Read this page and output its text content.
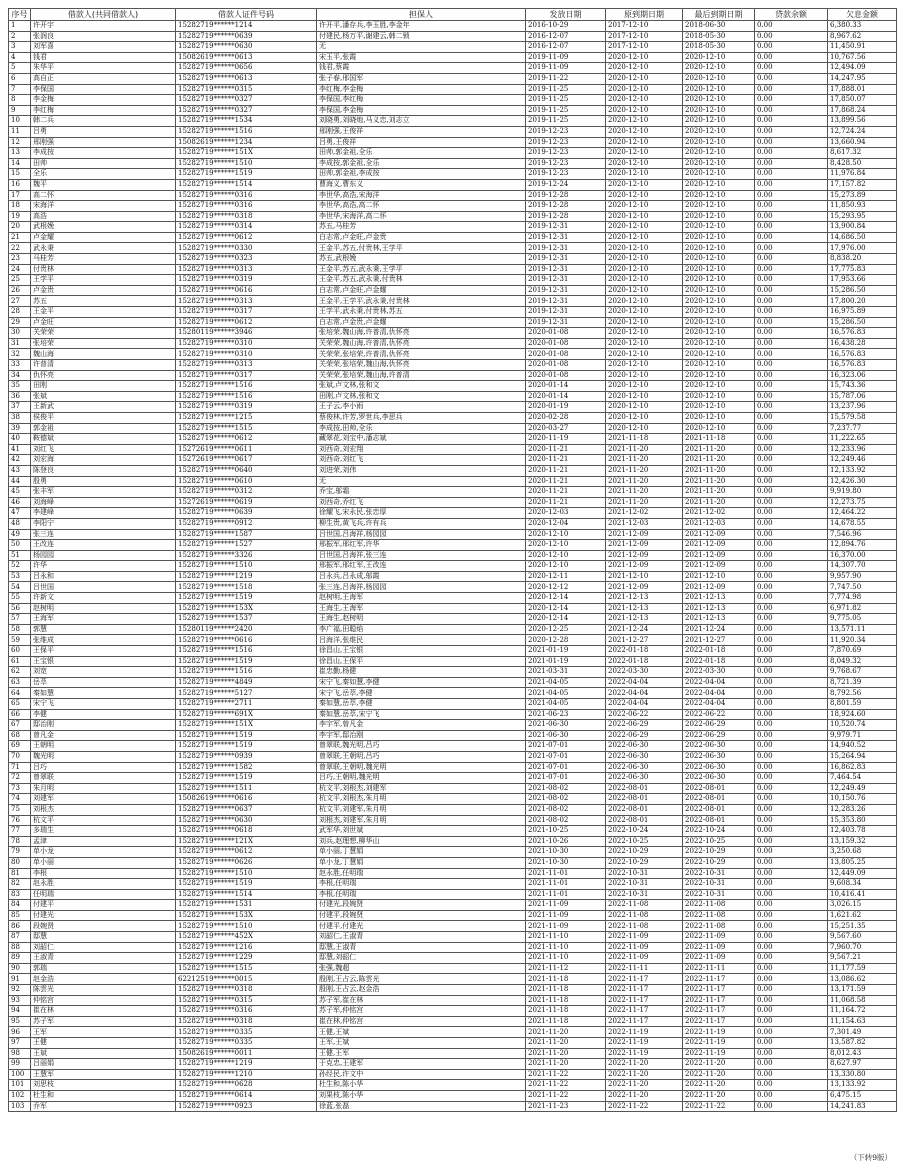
序号	借款人(共同借款人)	借款人证件号码	担保人	发放日期	原到期日期	最后到期日期	贷款余额	欠息金额
1	许开宇	15282719******1214	许开平,潘存兵,李玉胜,李金年	2016-10-29	2017-12-10	2018-06-30	0.00	6,380.33
2	张润良	15282719******0639	付建民,杨万平,谢建云,韩二锁	2016-12-07	2017-12-10	2018-05-30	0.00	8,967.62
3	刘军喜	15282719******0630	无	2016-12-07	2017-12-10	2018-05-30	0.00	11,450.91
4	钱君	15082619******0613	宋玉平,张霞	2019-11-09	2020-12-10	2020-12-10	0.00	10,767.56
5	朱华平	15282719******0656	钱君,蔡霞	2019-11-09	2020-12-10	2020-12-10	0.00	12,494.09
6	高自正	15282719******0613	张子春,邢国军	2019-11-22	2020-12-10	2020-12-10	0.00	14,247.95
7	李保国	15282719******0315	李红梅,李金梅	2019-11-25	2020-12-10	2020-12-10	0.00	17,888.01
8	李金梅	15282719******0327	李保国,李红梅	2019-11-25	2020-12-10	2020-12-10	0.00	17,850.07
9	李红梅	15282719******0327	李保国,李金梅	2019-11-25	2020-12-10	2020-12-10	0.00	17,868.24
10	韩二兵	15282719******1534	刘晓勇,刘晓炮,马义忠,刘志立	2019-11-25	2020-12-10	2020-12-10	0.00	13,899.56
11	吕勇	15282719******1516	邢刚强,王俊祥	2019-12-23	2020-12-10	2020-12-10	0.00	12,724.24
12	邢刚强	15082619******1234	吕勇,王俊祥	2019-12-23	2020-12-10	2020-12-10	0.00	13,660.94
13	李成按	15282719******151X	田帅,郭金祖,全乐	2019-12-23	2020-12-10	2020-12-10	0.00	8,617.32
14	田帅	15282719******1510	李成按,郭金祖,全乐	2019-12-23	2020-12-10	2020-12-10	0.00	8,428.50
15	全乐	15282719******1519	田帅,郭金祖,李成按	2019-12-23	2020-12-10	2020-12-10	0.00	11,976.84
16	魏平	15282719******1514	曹海义,曹东义	2019-12-24	2020-12-10	2020-12-10	0.00	17,157.82
17	高二怀	15282719******0316	李世华,高浩,宋海洋	2019-12-28	2020-12-10	2020-12-10	0.00	15,273.89
18	宋海洋	15282719******0316	李世华,高浩,高二怀	2019-12-28	2020-12-10	2020-12-10	0.00	11,850.93
19	高浩	15282719******0318	李世华,宋海洋,高二怀	2019-12-28	2020-12-10	2020-12-10	0.00	15,293.95
20	武根娩	15282719******0314	苏五,马桂芳	2019-12-31	2020-12-10	2020-12-10	0.00	13,900.84
21	卢金耀	15282719******0612	白志常,卢金旺,卢金贵	2019-12-31	2020-12-10	2020-12-10	0.00	14,686.50
22	武永秉	15282719******0330	王金平,苏五,付贵林,王学平	2019-12-31	2020-12-10	2020-12-10	0.00	17,976.00
23	马桂芳	15282719******0323	苏五,武根娩	2019-12-31	2020-12-10	2020-12-10	0.00	8,838.20
24	付贵林	15282719******0313	王金平,苏五,武永秉,王学平	2019-12-31	2020-12-10	2020-12-10	0.00	17,775.83
25	王学平	15282719******0319	王金平,苏五,武永秉,付贵林	2019-12-31	2020-12-10	2020-12-10	0.00	17,953.66
26	卢金贵	15282719******0616	白志常,卢金旺,卢金耀	2019-12-31	2020-12-10	2020-12-10	0.00	15,286.50
27	苏五	15282719******0313	王金平,王学平,武永秉,付贵林	2019-12-31	2020-12-10	2020-12-10	0.00	17,800.20
28	王金平	15282719******0317	王学平,武永秉,付贵林,苏五	2019-12-31	2020-12-10	2020-12-10	0.00	16,975.89
29	卢金旺	15282719******0612	白志常,卢金贵,卢金耀	2019-12-31	2020-12-10	2020-12-10	0.00	15,286.50
30	关荣荣	15280119******3946	张培荣,魏山海,许普清,仇怀亮	2020-01-08	2020-12-10	2020-12-10	0.00	16,576.83
31	张培荣	15282719******0310	关荣荣,魏山海,许普清,仇怀亮	2020-01-08	2020-12-10	2020-12-10	0.00	16,438.28
32	魏山海	15282719******0310	关荣荣,张培荣,许普清,仇怀亮	2020-01-08	2020-12-10	2020-12-10	0.00	16,576.83
33	许普清	15282719******0313	关荣荣,张培荣,魏山海,仇怀亮	2020-01-08	2020-12-10	2020-12-10	0.00	16,576.83
34	仇怀亮	15282719******0317	关荣荣,张培荣,魏山海,许普清	2020-01-08	2020-12-10	2020-12-10	0.00	16,323.06
35	田刚	15282719******1516	张斌,卢文林,张和文	2020-01-14	2020-12-10	2020-12-10	0.00	15,743.36
36	张斌	15282719******1516	田刚,卢文林,张和文	2020-01-14	2020-12-10	2020-12-10	0.00	15,787.06
37	王新武	15282719******0319	王子云,李小雨	2020-01-19	2020-12-10	2020-12-10	0.00	13,237.96
38	侯俊平	15282719******1215	蔡俊林,许芳,罗世兵,李思兵	2020-02-28	2020-12-10	2020-12-10	0.00	15,579.58
39	郭金祖	15282719******1515	李成按,田帅,全乐	2020-03-27	2020-12-10	2020-12-10	0.00	7,237.77
40	鞍德斌	15282719******0612	藏翠花,刘宝中,潘志斌	2020-11-19	2021-11-18	2021-11-18	0.00	11,222.65
41	刘红飞	15272619******0611	刘西奇,刘宏翔	2020-11-21	2021-11-20	2021-11-20	0.00	12,233.96
42	刘宏海	15272619******0617	刘西奇,刘红飞	2020-11-21	2021-11-20	2021-11-20	0.00	12,249.46
43	陈登良	15282719******0640	刘进荣,刘伟	2020-11-21	2021-11-20	2021-11-20	0.00	12,133.92
44	殷勇	15282719******0610	无	2020-11-21	2021-11-20	2021-11-20	0.00	12,426.30
45	张丰军	15282719******0312	乔宝,邬霜	2020-11-21	2021-11-20	2021-11-20	0.00	9,919.80
46	刘海峰	15272619******0619	刘西奇,乔红飞	2020-11-21	2021-11-20	2021-11-20	0.00	12,273.75
47	李建峰	15282719******0639	徐耀飞,宋永民,张忠厚	2020-12-03	2021-12-02	2021-12-02	0.00	12,464.22
48	李阳宁	15282719******0912	柳生贵,黄飞兵,许有兵	2020-12-04	2021-12-03	2021-12-03	0.00	14,678.55
49	张三连	15282719******1587	吕世国,吕海祥,杨园园	2020-12-10	2021-12-09	2021-12-09	0.00	7,546.96
50	王改连	15282719******1527	邢振军,邢红军,许华	2020-12-10	2021-12-09	2021-12-09	0.00	12,894.76
51	杨园园	15282719******3326	吕世国,吕海祥,张三连	2020-12-10	2021-12-09	2021-12-09	0.00	16,370.00
52	许华	15282719******1510	邢振军,邢红军,王改连	2020-12-10	2021-12-09	2021-12-09	0.00	14,307.70
53	吕永和	15282719******1219	吕永兵,吕永成,邬霞	2020-12-11	2021-12-10	2021-12-10	0.00	9,957.90
54	吕世国	15282719******1518	张三连,吕海祥,杨园园	2020-12-12	2021-12-09	2021-12-09	0.00	7,747.50
55	许新文	15282719******1519	赵树明,王海军	2020-12-14	2021-12-13	2021-12-13	0.00	7,774.98
56	赵树明	15282719******153X	王海生,王海军	2020-12-14	2021-12-13	2021-12-13	0.00	6,971.82
57	王海军	15282719******1537	王海生,赵树明	2020-12-14	2021-12-13	2021-12-13	0.00	9,775.05
58	郭慧	15280119******2420	李广福,田聪焰	2020-12-25	2021-12-24	2021-12-24	0.00	13,571.11
59	张维成	15282719******0616	吕海洋,张维民	2020-12-28	2021-12-27	2021-12-27	0.00	11,920.34
60	王保平	15282719******1516	徐昌山,王宝银	2021-01-19	2022-01-18	2022-01-18	0.00	7,870.69
61	王宝银	15282719******1519	徐昌山,王保平	2021-01-19	2022-01-18	2022-01-18	0.00	8,049.32
62	刘宽	15282719******1516	崔忠勤,杨健	2021-03-31	2022-03-30	2022-03-30	0.00	9,768.67
63	岳萃	15282719******4849	宋宁飞,秦如慧,李健	2021-04-05	2022-04-04	2022-04-04	0.00	8,721.39
64	秦如慧	15282719******5127	宋宁飞,岳萃,李健	2021-04-05	2022-04-04	2022-04-04	0.00	8,792.56
65	宋宁飞	15282719******2711	秦如慧,岳萃,李健	2021-04-05	2022-04-04	2022-04-04	0.00	8,801.59
66	李健	15282719******691X	秦如慧,岳萃,宋宁飞	2021-06-23	2022-06-22	2022-06-22	0.00	18,924.60
67	邸治刚	15282719******151X	李宇军,曾凡金	2021-06-30	2022-06-29	2022-06-29	0.00	10,520.74
68	曾凡金	15282719******1519	李宇军,邸治刚	2021-06-30	2022-06-29	2022-06-29	0.00	9,979.71
69	王朝明	15282719******1519	曾翠联,魏光明,吕巧	2021-07-01	2022-06-30	2022-06-30	0.00	14,940.52
70	魏光明	15282719******0939	曾翠联,王朝明,吕巧	2021-07-01	2022-06-30	2022-06-30	0.00	15,264.94
71	吕巧	15282719******1582	曾翠联,王朝明,魏光明	2021-07-01	2022-06-30	2022-06-30	0.00	16,862.83
72	曾翠联	15282719******1519	吕巧,王朝明,魏光明	2021-07-01	2022-06-30	2022-06-30	0.00	7,464.54
73	朱月明	15282719******1511	杭文平,刘根杰,刘建军	2021-08-02	2022-08-01	2022-08-01	0.00	12,249.49
74	刘建军	15082619******0616	杭文平,刘根杰,朱月明	2021-08-02	2022-08-01	2022-08-01	0.00	10,150.76
75	刘根杰	15282719******0637	杭文平,刘建军,朱月明	2021-08-02	2022-08-01	2022-08-01	0.00	12,283.26
76	杭文平	15282719******0630	刘根杰,刘建军,朱月明	2021-08-02	2022-08-01	2022-08-01	0.00	15,353.80
77	多瑞生	15282719******0618	武军华,刘世斌	2021-10-25	2022-10-24	2022-10-24	0.00	12,403.78
78	孟津	15282719******121X	刘兵,赵理想,柳华山	2021-10-26	2022-10-25	2022-10-25	0.00	13,159.32
79	单小龙	15282719******0612	单小丽,丁慧娟	2021-10-30	2022-10-29	2022-10-29	0.00	3,250.68
80	单小丽	15282719******0626	单小龙,丁慧娟	2021-10-30	2022-10-29	2022-10-29	0.00	13,805.25
81	李根	15282719******1510	赵永胜,任明瑞	2021-11-01	2022-10-31	2022-10-31	0.00	12,449.09
82	赵永胜	15282719******1519	李根,任明瑞	2021-11-01	2022-10-31	2022-10-31	0.00	9,608.34
83	任明瑞	15282719******1514	李根,任明瑞	2021-11-01	2022-10-31	2022-10-31	0.00	10,416.41
84	付建平	15282719******1531	付建光,段婉贤	2021-11-09	2022-11-08	2022-11-08	0.00	3,026.15
85	付建光	15282719******153X	付建平,段婉贤	2021-11-09	2022-11-08	2022-11-08	0.00	1,621.62
86	段婉贤	15282719******1510	付建平,付建光	2021-11-09	2022-11-08	2022-11-08	0.00	15,251.35
87	邸慧	15282719******452X	刘韶仁,王淑青	2021-11-10	2022-11-09	2022-11-09	0.00	9,567.60
88	刘韶仁	15282719******1216	邸慧,王淑青	2021-11-10	2022-11-09	2022-11-09	0.00	7,960.70
89	王淑青	15282719******1229	邸慧,刘韶仁	2021-11-10	2022-11-09	2022-11-09	0.00	9,567.21
90	郭瑞	15282719******1515	张强,魏超	2021-11-12	2022-11-11	2022-11-11	0.00	11,177.59
91	赵金浩	62212519******0015	殷刚,王占云,陈雲光	2021-11-18	2022-11-17	2022-11-17	0.00	13,086.62
92	陈雲光	15282719******0318	殷刚,王占云,赵金浩	2021-11-18	2022-11-17	2022-11-17	0.00	13,171.59
93	仲铭宫	15282719******0315	苏子军,崔在林	2021-11-18	2022-11-17	2022-11-17	0.00	11,068.58
94	崔在林	15282719******0316	苏子军,仲铭宫	2021-11-18	2022-11-17	2022-11-17	0.00	11,164.72
95	苏子军	15282719******0318	崔在林,仲铭宫	2021-11-18	2022-11-17	2022-11-17	0.00	11,154.63
96	王军	15282719******0335	王健,王斌	2021-11-20	2022-11-19	2022-11-19	0.00	7,301.49
97	王健	15282719******0335	王军,王斌	2021-11-20	2022-11-19	2022-11-19	0.00	13,587.82
98	王斌	15082619******0011	王健,王军	2021-11-20	2022-11-19	2022-11-19	0.00	8,012.43
99	吕丽娟	15282719******1219	于克忠,王建军	2021-11-20	2022-11-20	2022-11-20	0.00	8,627.97
100	王慧军	15282719******1210	孙经民,许文中	2021-11-22	2022-11-20	2022-11-20	0.00	13,330.80
101	刘思枝	15282719******0628	杜生和,陈小华	2021-11-22	2022-11-20	2022-11-20	0.00	13,133.92
102	杜生和	15282719******0614	刘果枝,陈小华	2021-11-22	2022-11-20	2022-11-20	0.00	6,475.15
103	乔军	15282719******0923	徐蓝,张磊	2021-11-23	2022-11-22	2022-11-22	0.00	14,241.83
（下转9版）
